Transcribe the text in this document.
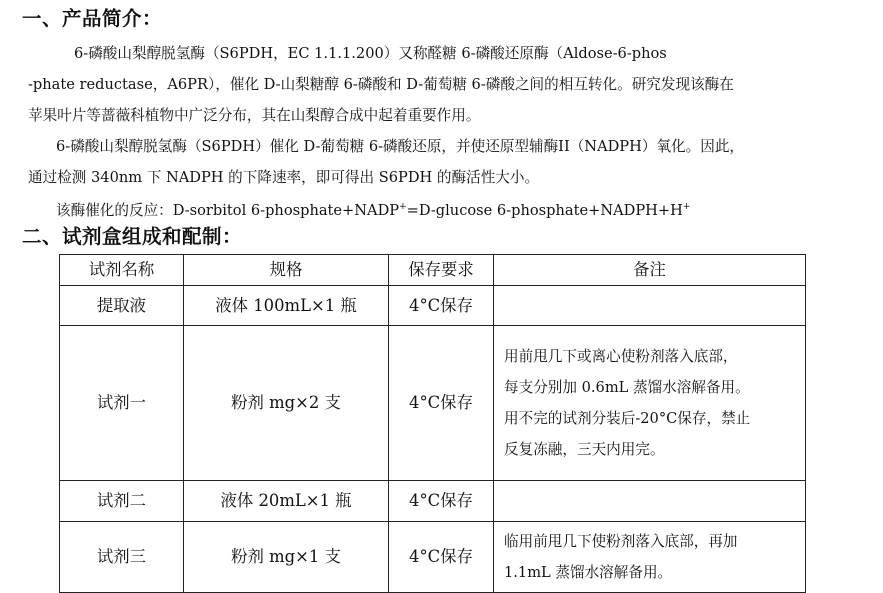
一、产品简介：

6-磷酸山梨醇脱氢酶（S6PDH，EC 1.1.1.200）又称醛糖 6-磷酸还原酶（Aldose-6-phos
-phate reductase，A6PR），催化 D-山梨糖醇 6-磷酸和 D-葡萄糖 6-磷酸之间的相互转化。研究发现该酶在
苹果叶片等蔷薇科植物中广泛分布，其在山梨醇合成中起着重要作用。

6-磷酸山梨醇脱氢酶（S6PDH）催化 D-葡萄糖 6-磷酸还原，并使还原型辅酶II（NADPH）氧化。因此，
通过检测 340nm 下 NADPH 的下降速率，即可得出 S6PDH 的酶活性大小。

该酶催化的反应：D-sorbitol 6-phosphate+NADP+=D-glucose 6-phosphate+NADPH+H+

二、试剂盒组成和配制：
试剂名称	规格	保存要求	备注
提取液	液体 100mL×1 瓶	4°C保存	
试剂一	粉剂 mg×2 支	4°C保存	用前甩几下或离心使粉剂落入底部，
每支分别加 0.6mL 蒸馏水溶解备用。
用不完的试剂分装后-20°C保存，禁止
反复冻融，三天内用完。

试剂二	液体 20mL×1 瓶	4°C保存	
试剂三	粉剂 mg×1 支	4°C保存	临用前甩几下使粉剂落入底部，再加
1.1mL 蒸馏水溶解备用。
